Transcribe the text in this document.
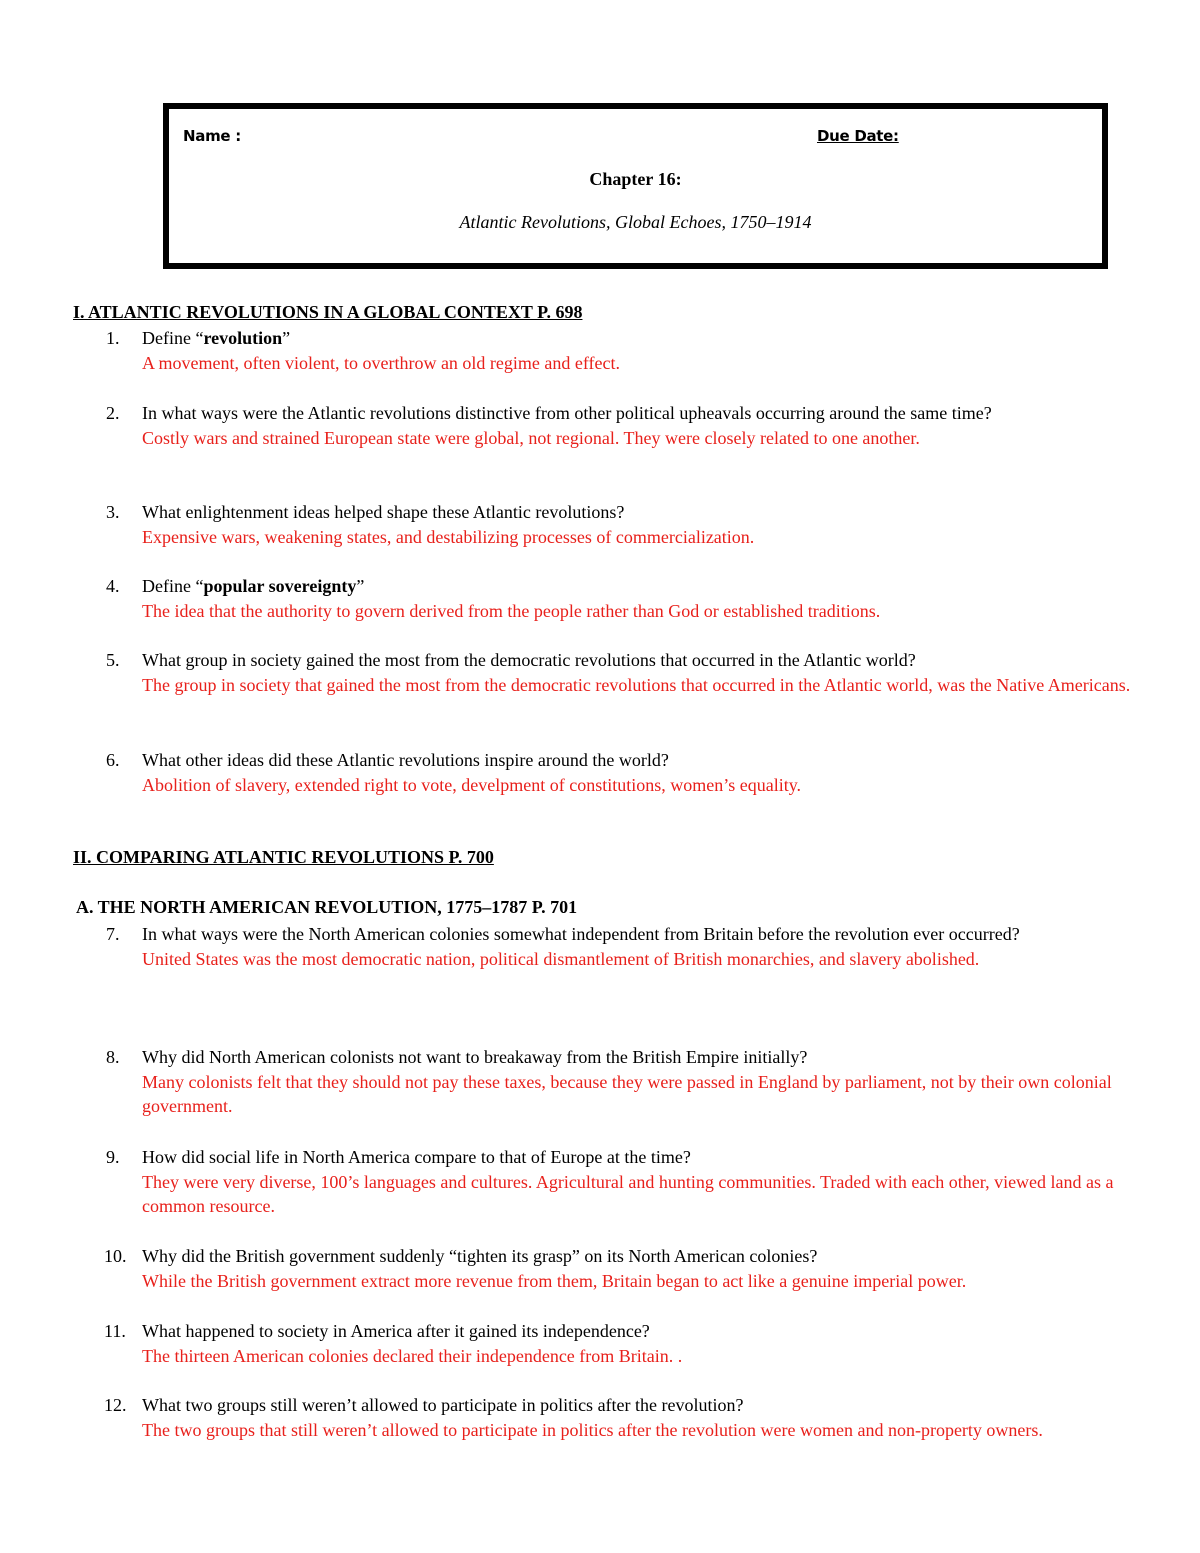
Name :	Due Date:
Chapter 16:
Atlantic Revolutions, Global Echoes, 1750–1914
I. ATLANTIC REVOLUTIONS IN A GLOBAL CONTEXT P. 698
1.	Define “revolution”
A movement, often violent, to overthrow an old regime and effect.
2.	In what ways were the Atlantic revolutions distinctive from other political upheavals occurring around the same time?
Costly wars and strained European state were global, not regional. They were closely related to one another.
3.	What enlightenment ideas helped shape these Atlantic revolutions?
Expensive wars, weakening states, and destabilizing processes of commercialization.
4.	Define “popular sovereignty”
The idea that the authority to govern derived from the people rather than God or established traditions.
5.	What group in society gained the most from the democratic revolutions that occurred in the Atlantic world?
The group in society that gained the most from the democratic revolutions that occurred in the Atlantic world, was the Native Americans.
6.	What other ideas did these Atlantic revolutions inspire around the world?
Abolition of slavery, extended right to vote, develpment of constitutions, women’s equality.
II. COMPARING ATLANTIC REVOLUTIONS P. 700
A. THE NORTH AMERICAN REVOLUTION, 1775–1787 P. 701
7.	In what ways were the North American colonies somewhat independent from Britain before the revolution ever occurred?
United States was the most democratic nation, political dismantlement of British monarchies, and slavery abolished.
8.	Why did North American colonists not want to breakaway from the British Empire initially?
Many colonists felt that they should not pay these taxes, because they were passed in England by parliament, not by their own colonial government.
9.	How did social life in North America compare to that of Europe at the time?
They were very diverse, 100’s languages and cultures. Agricultural and hunting communities. Traded with each other, viewed land as a common resource.
10. Why did the British government suddenly “tighten its grasp” on its North American colonies?
While the British government extract more revenue from them, Britain began to act like a genuine imperial power.
11. What happened to society in America after it gained its independence?
The thirteen American colonies declared their independence from Britain. .
12. What two groups still weren’t allowed to participate in politics after the revolution?
The two groups that still weren’t allowed to participate in politics after the revolution were women and non-property owners.
